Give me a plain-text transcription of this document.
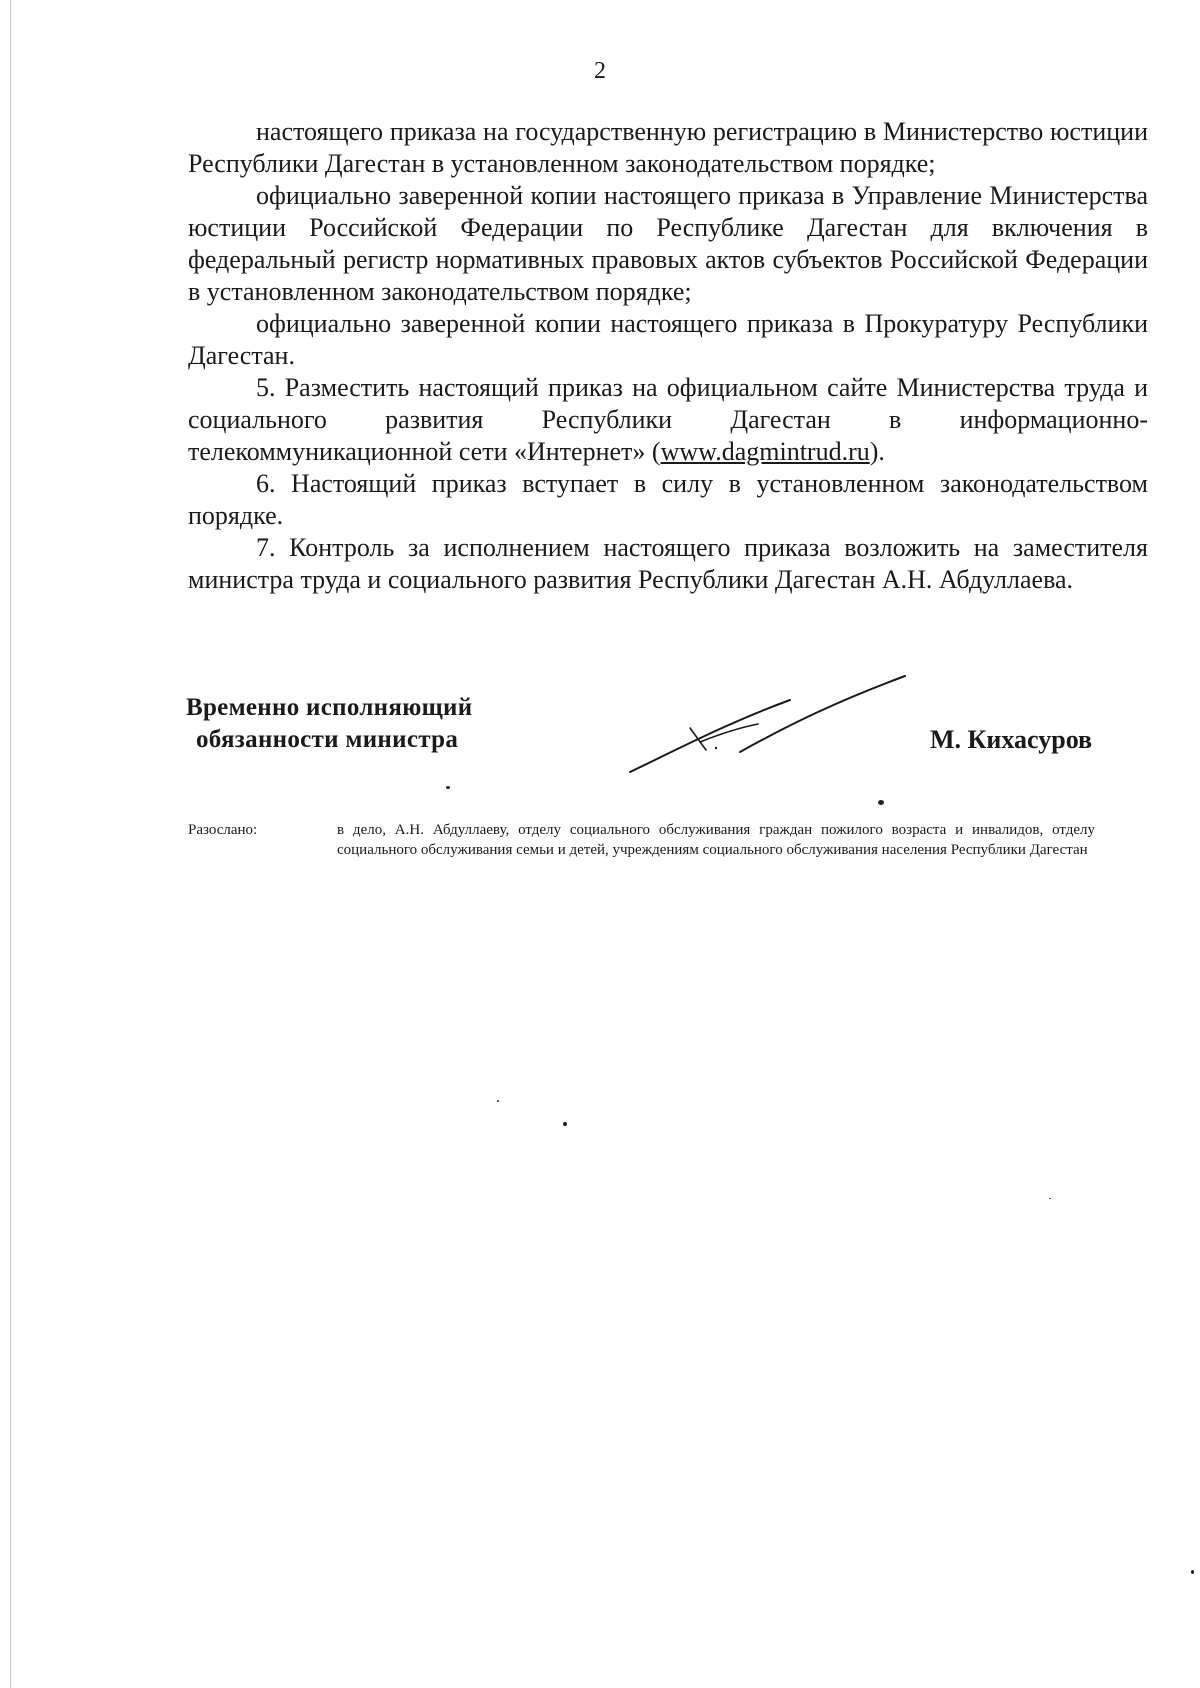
2

настоящего приказа на государственную регистрацию в Министерство юстиции Республики Дагестан в установленном законодательством порядке;

официально заверенной копии настоящего приказа в Управление Министерства юстиции Российской Федерации по Республике Дагестан для включения в федеральный регистр нормативных правовых актов субъектов Российской Федерации в установленном законодательством порядке;

официально заверенной копии настоящего приказа в Прокуратуру Республики Дагестан.

5. Разместить настоящий приказ на официальном сайте Министерства труда и социального развития Республики Дагестан в информационно-телекоммуникационной сети «Интернет» (www.dagmintrud.ru).

6. Настоящий приказ вступает в силу в установленном законодательством порядке.

7. Контроль за исполнением настоящего приказа возложить на заместителя министра труда и социального развития Республики Дагестан А.Н. Абдуллаева.

Временно исполняющий
обязанности министра	М. Кихасуров
Разослано:	в дело, А.Н. Абдуллаеву, отделу социального обслуживания граждан пожилого возраста и инвалидов, отделу социального обслуживания семьи и детей, учреждениям социального обслуживания населения Республики Дагестан
